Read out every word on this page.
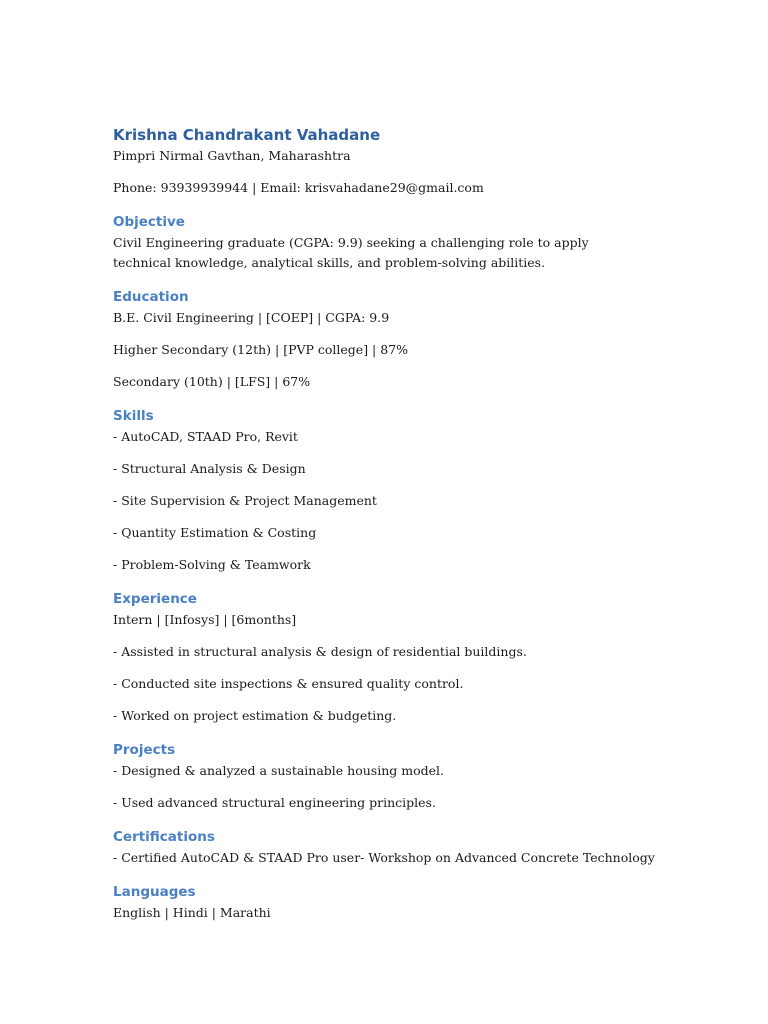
Krishna Chandrakant Vahadane

Pimpri Nirmal Gavthan, Maharashtra

Phone: 93939939944 | Email: krisvahadane29@gmail.com

Objective

Civil Engineering graduate (CGPA: 9.9) seeking a challenging role to apply technical knowledge, analytical skills, and problem-solving abilities.

Education

B.E. Civil Engineering | [COEP] | CGPA: 9.9

Higher Secondary (12th) | [PVP college] | 87%

Secondary (10th) | [LFS] | 67%

Skills

- AutoCAD, STAAD Pro, Revit

- Structural Analysis & Design

- Site Supervision & Project Management

- Quantity Estimation & Costing

- Problem-Solving & Teamwork

Experience

Intern | [Infosys] | [6months]

- Assisted in structural analysis & design of residential buildings.

- Conducted site inspections & ensured quality control.

- Worked on project estimation & budgeting.

Projects

- Designed & analyzed a sustainable housing model.

- Used advanced structural engineering principles.

Certifications

- Certified AutoCAD & STAAD Pro user- Workshop on Advanced Concrete Technology

Languages

English | Hindi | Marathi
